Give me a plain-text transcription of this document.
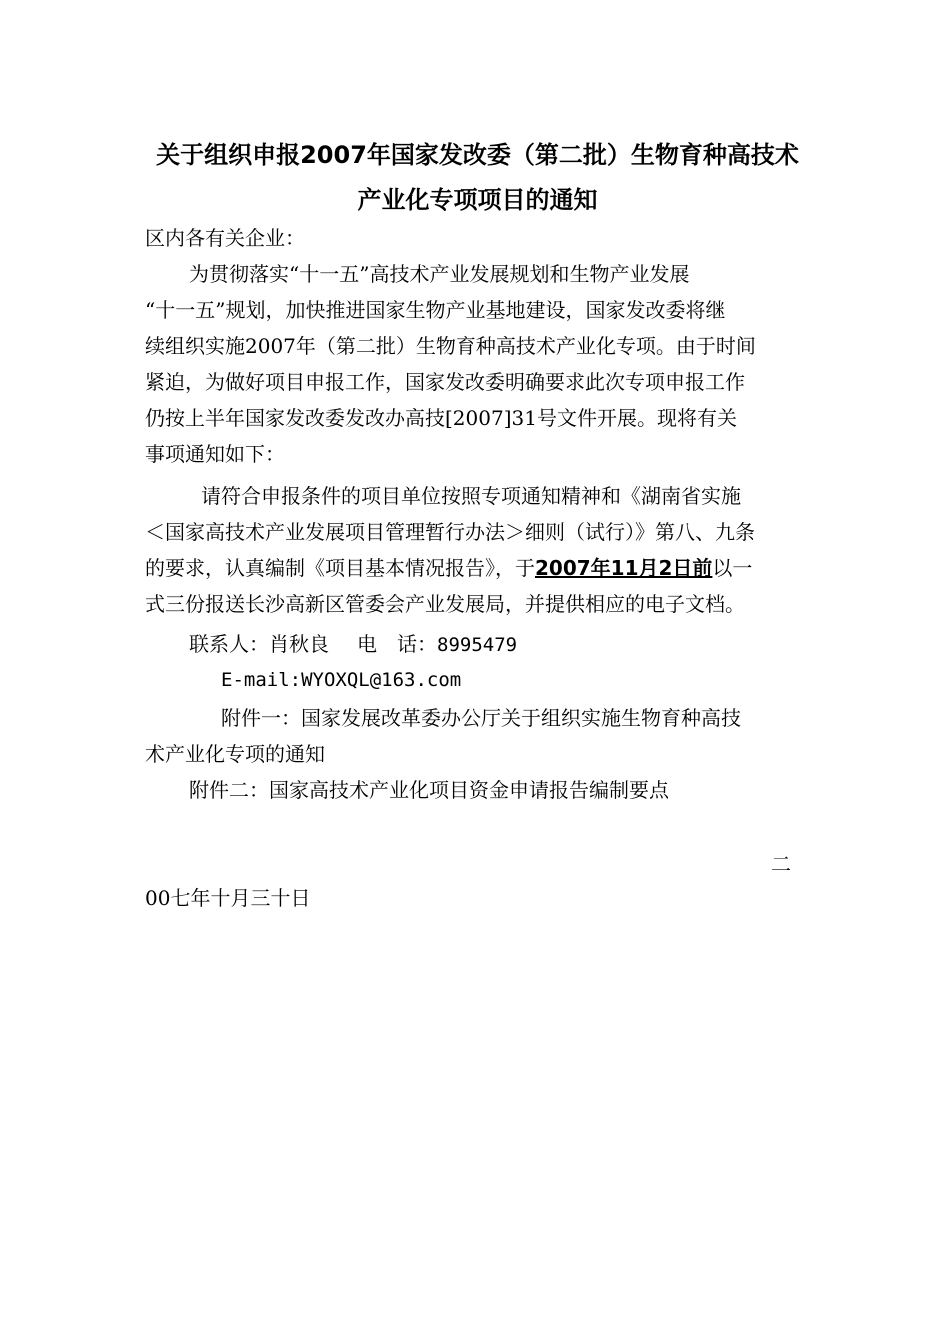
关于组织申报2007年国家发改委（第二批）生物育种高技术
产业化专项项目的通知
区内各有关企业：
为贯彻落实“十一五”高技术产业发展规划和生物产业发展
“十一五”规划，加快推进国家生物产业基地建设，国家发改委将继
续组织实施2007年（第二批）生物育种高技术产业化专项。由于时间
紧迫，为做好项目申报工作，国家发改委明确要求此次专项申报工作
仍按上半年国家发改委发改办高技[2007]31号文件开展。现将有关
事项通知如下：
请符合申报条件的项目单位按照专项通知精神和《湖南省实施
＜国家高技术产业发展项目管理暂行办法＞细则（试行）》第八、九条
的要求，认真编制《项目基本情况报告》，于2007年11月2日前以一
式三份报送长沙高新区管委会产业发展局，并提供相应的电子文档。
联系人：肖秋良 电　话：8995479
E-mail:WYOXQL@163.com
附件一：国家发展改革委办公厅关于组织实施生物育种高技
术产业化专项的通知
附件二：国家高技术产业化项目资金申请报告编制要点
二
00七年十月三十日
